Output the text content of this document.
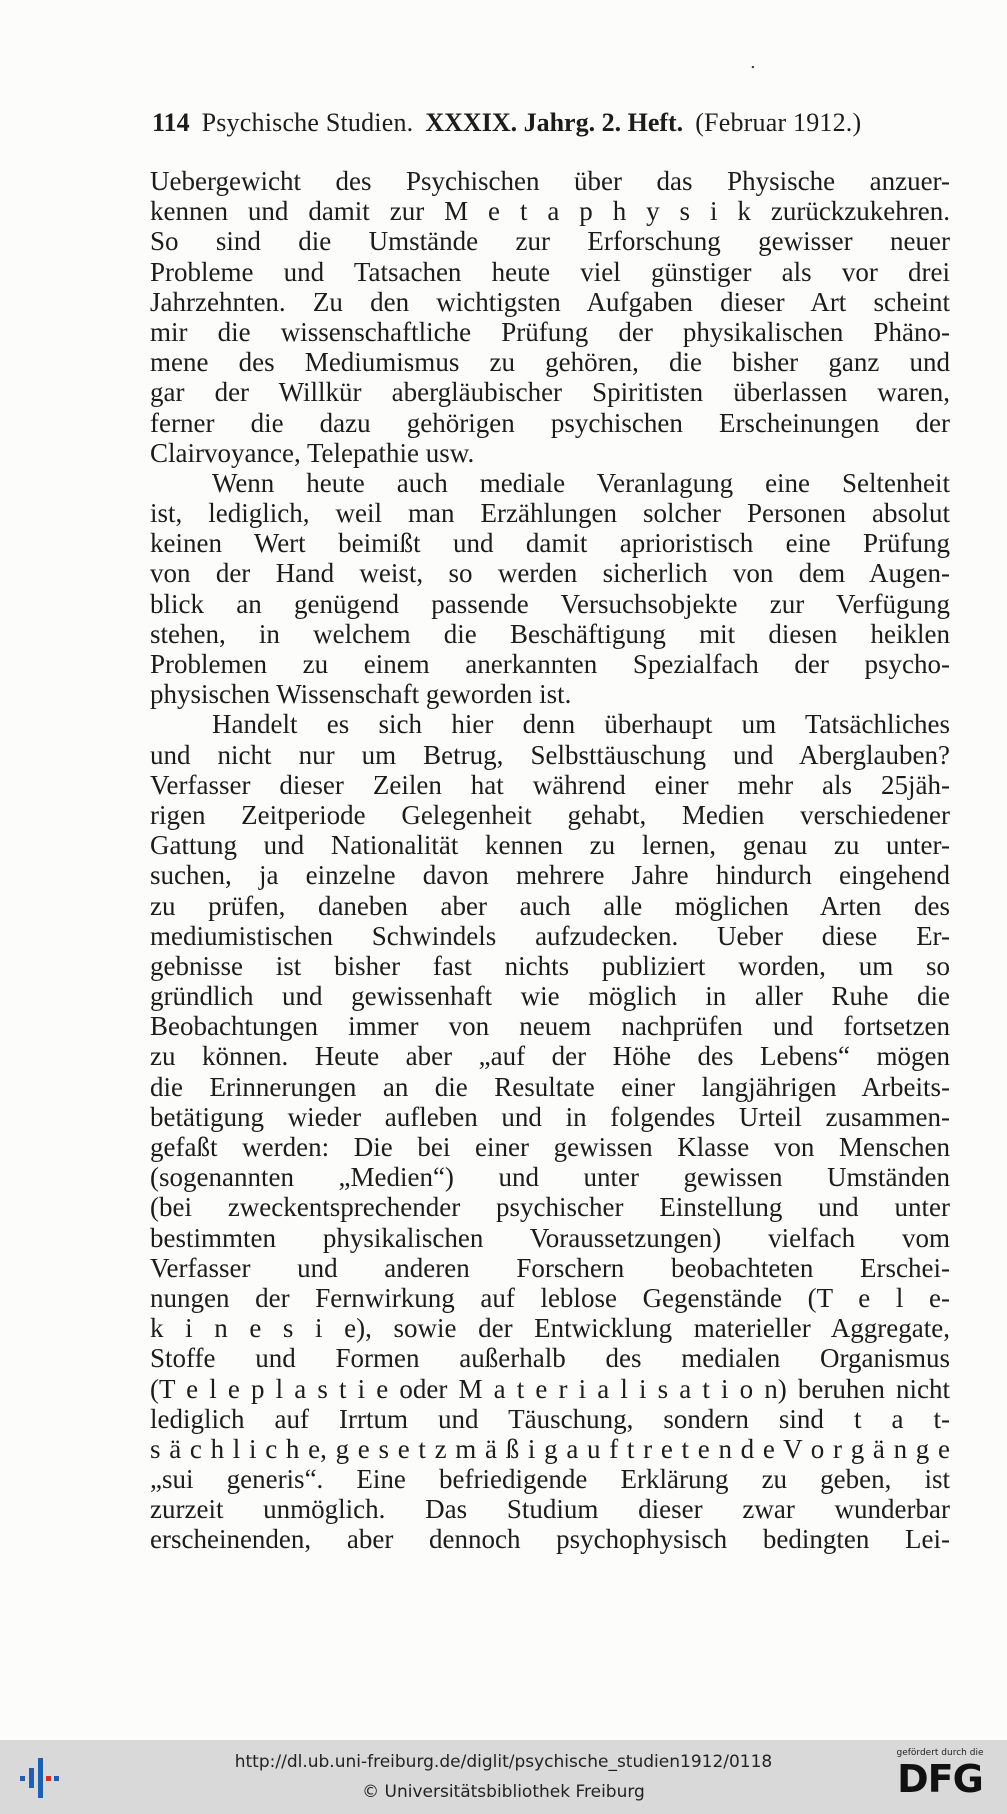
.
114 Psychische Studien. XXXIX. Jahrg. 2. Heft. (Februar 1912.)
Uebergewicht des Psychischen über das Physische anzuer-
kennen und damit zur M e t a p h y s i k zurückzukehren.
So sind die Umstände zur Erforschung gewisser neuer
Probleme und Tatsachen heute viel günstiger als vor drei
Jahrzehnten. Zu den wichtigsten Aufgaben dieser Art scheint
mir die wissenschaftliche Prüfung der physikalischen Phäno-
mene des Mediumismus zu gehören, die bisher ganz und
gar der Willkür abergläubischer Spiritisten überlassen waren,
ferner die dazu gehörigen psychischen Erscheinungen der
Clairvoyance, Telepathie usw.
Wenn heute auch mediale Veranlagung eine Seltenheit
ist, lediglich, weil man Erzählungen solcher Personen absolut
keinen Wert beimißt und damit aprioristisch eine Prüfung
von der Hand weist, so werden sicherlich von dem Augen-
blick an genügend passende Versuchsobjekte zur Verfügung
stehen, in welchem die Beschäftigung mit diesen heiklen
Problemen zu einem anerkannten Spezialfach der psycho-
physischen Wissenschaft geworden ist.
Handelt es sich hier denn überhaupt um Tatsächliches
und nicht nur um Betrug, Selbsttäuschung und Aberglauben?
Verfasser dieser Zeilen hat während einer mehr als 25jäh-
rigen Zeitperiode Gelegenheit gehabt, Medien verschiedener
Gattung und Nationalität kennen zu lernen, genau zu unter-
suchen, ja einzelne davon mehrere Jahre hindurch eingehend
zu prüfen, daneben aber auch alle möglichen Arten des
mediumistischen Schwindels aufzudecken. Ueber diese Er-
gebnisse ist bisher fast nichts publiziert worden, um so
gründlich und gewissenhaft wie möglich in aller Ruhe die
Beobachtungen immer von neuem nachprüfen und fortsetzen
zu können. Heute aber „auf der Höhe des Lebens“ mögen
die Erinnerungen an die Resultate einer langjährigen Arbeits-
betätigung wieder aufleben und in folgendes Urteil zusammen-
gefaßt werden: Die bei einer gewissen Klasse von Menschen
(sogenannten „Medien“) und unter gewissen Umständen
(bei zweckentsprechender psychischer Einstellung und unter
bestimmten physikalischen Voraussetzungen) vielfach vom
Verfasser und anderen Forschern beobachteten Erschei-
nungen der Fernwirkung auf leblose Gegenstände (T e l e-
k i n e s i e), sowie der Entwicklung materieller Aggregate,
Stoffe und Formen außerhalb des medialen Organismus
(T e l e p l a s t i e oder M a t e r i a l i s a t i o n) beruhen nicht
lediglich auf Irrtum und Täuschung, sondern sind t a t-
s ä c h l i c h e, g e s e t z m ä ß i g a u f t r e t e n d e V o r g ä n g e
„sui generis“. Eine befriedigende Erklärung zu geben, ist
zurzeit unmöglich. Das Studium dieser zwar wunderbar
erscheinenden, aber dennoch psychophysisch bedingten Lei-
http://dl.ub.uni-freiburg.de/diglit/psychische_studien1912/0118
© Universitätsbibliothek Freiburg
gefördert durch die
DFG
